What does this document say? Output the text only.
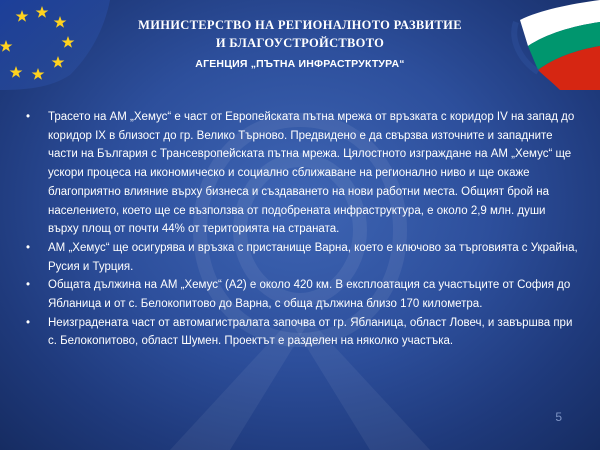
МИНИСТЕРСТВО НА РЕГИОНАЛНОТО РАЗВИТИЕ
И БЛАГОУСТРОЙСТВОТО
АГЕНЦИЯ „ПЪТНА ИНФРАСТРУКТУРА“
• Трасето на АМ „Хемус“ е част от Европейската пътна мрежа от връзката с коридор IV на запад до коридор IX в близост до гр. Велико Търново. Предвидено е да свързва източните и западните части на България с Трансевропейската пътна мрежа. Цялостното изграждане на АМ „Хемус“ ще ускори процеса на икономическо и социално сближаване на регионално ниво и ще окаже благоприятно влияние върху бизнеса и създаването на нови работни места. Общият брой на населението, което ще се възползва от подобрената инфраструктура, е около 2,9 млн. души върху площ от почти 44% от територията на страната.
• АМ „Хемус“ ще осигурява и връзка с пристанище Варна, което е ключово за търговията с Украйна, Русия и Турция.
• Общата дължина на АМ „Хемус“ (А2) е около 420 км. В експлоатация са участъците от София до Ябланица и от с. Белокопитово до Варна, с обща дължина близо 170 километра.
• Неизградената част от автомагистралата започва от гр. Ябланица, област Ловеч, и завършва при с. Белокопитово, област Шумен. Проектът е разделен на няколко участъка.
5
